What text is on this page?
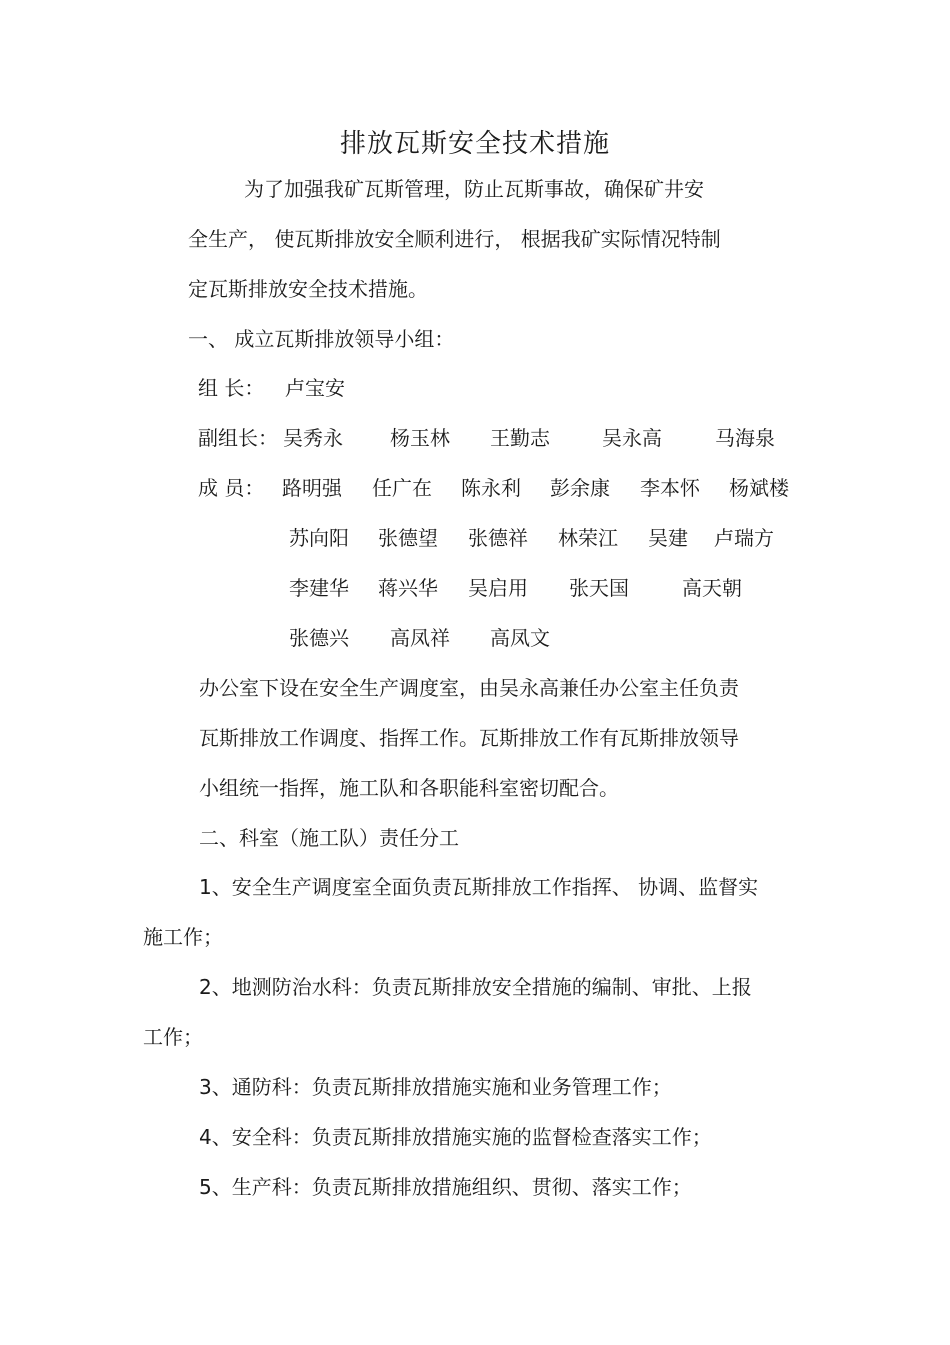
排放瓦斯安全技术措施
为了加强我矿瓦斯管理，防止瓦斯事故，确保矿井安
全生产， 使瓦斯排放安全顺利进行， 根据我矿实际情况特制
定瓦斯排放安全技术措施。
一、 成立瓦斯排放领导小组：
组 长： 卢宝安
副组长： 吴秀永 杨玉林 王勤志	吴永高	马海泉
成 员： 路明强 任广在 陈永利 彭余康 李本怀 杨斌楼
苏向阳 张德望 张德祥 林荣江 吴建 卢瑞方
李建华 蒋兴华 吴启用 张天国	高天朝
张德兴 高凤祥 高凤文
办公室下设在安全生产调度室，由吴永高兼任办公室主任负责
瓦斯排放工作调度、指挥工作。瓦斯排放工作有瓦斯排放领导
小组统一指挥，施工队和各职能科室密切配合。
二、科室（施工队）责任分工
1、安全生产调度室全面负责瓦斯排放工作指挥、 协调、监督实
施工作；
2、地测防治水科：负责瓦斯排放安全措施的编制、审批、上报
工作；
3、通防科：负责瓦斯排放措施实施和业务管理工作；
4、安全科：负责瓦斯排放措施实施的监督检查落实工作；
5、生产科：负责瓦斯排放措施组织、贯彻、落实工作；
